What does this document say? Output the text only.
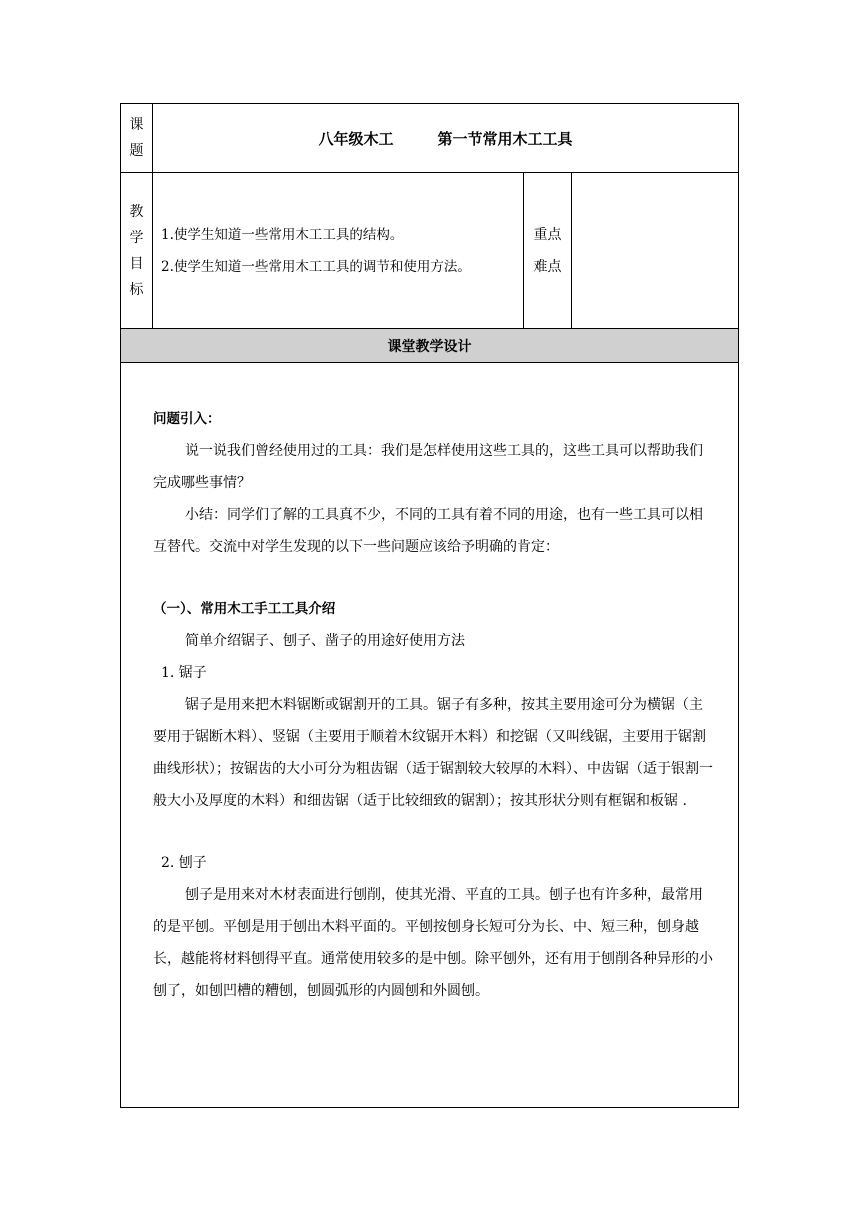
课
题
八年级木工	第一节常用木工工具
教
学
目
标
1.使学生知道一些常用木工工具的结构。
2.使学生知道一些常用木工工具的调节和使用方法。
重点
难点
课堂教学设计

问题引入：

说一说我们曾经使用过的工具：我们是怎样使用这些工具的，这些工具可以帮助我们完成哪些事情？

小结：同学们了解的工具真不少，不同的工具有着不同的用途，也有一些工具可以相互替代。交流中对学生发现的以下一些问题应该给予明确的肯定：

（一）、常用木工手工工具介绍

简单介绍锯子、刨子、凿子的用途好使用方法

1. 锯子

锯子是用来把木料锯断或锯割开的工具。锯子有多种，按其主要用途可分为横锯（主要用于锯断木料）、竖锯（主要用于顺着木纹锯开木料）和挖锯（又叫线锯，主要用于锯割曲线形状）；按锯齿的大小可分为粗齿锯（适于锯割较大较厚的木料）、中齿锯（适于银割一般大小及厚度的木料）和细齿锯（适于比较细致的锯割）；按其形状分则有框锯和板锯 .

2. 刨子

刨子是用来对木材表面进行刨削，使其光滑、平直的工具。刨子也有许多种，最常用的是平刨。平刨是用于刨出木料平面的。平刨按刨身长短可分为长、中、短三种，刨身越长，越能将材料刨得平直。通常使用较多的是中刨。除平刨外，还有用于刨削各种异形的小刨了，如刨凹槽的糟刨，刨圆弧形的内圆刨和外圆刨。
